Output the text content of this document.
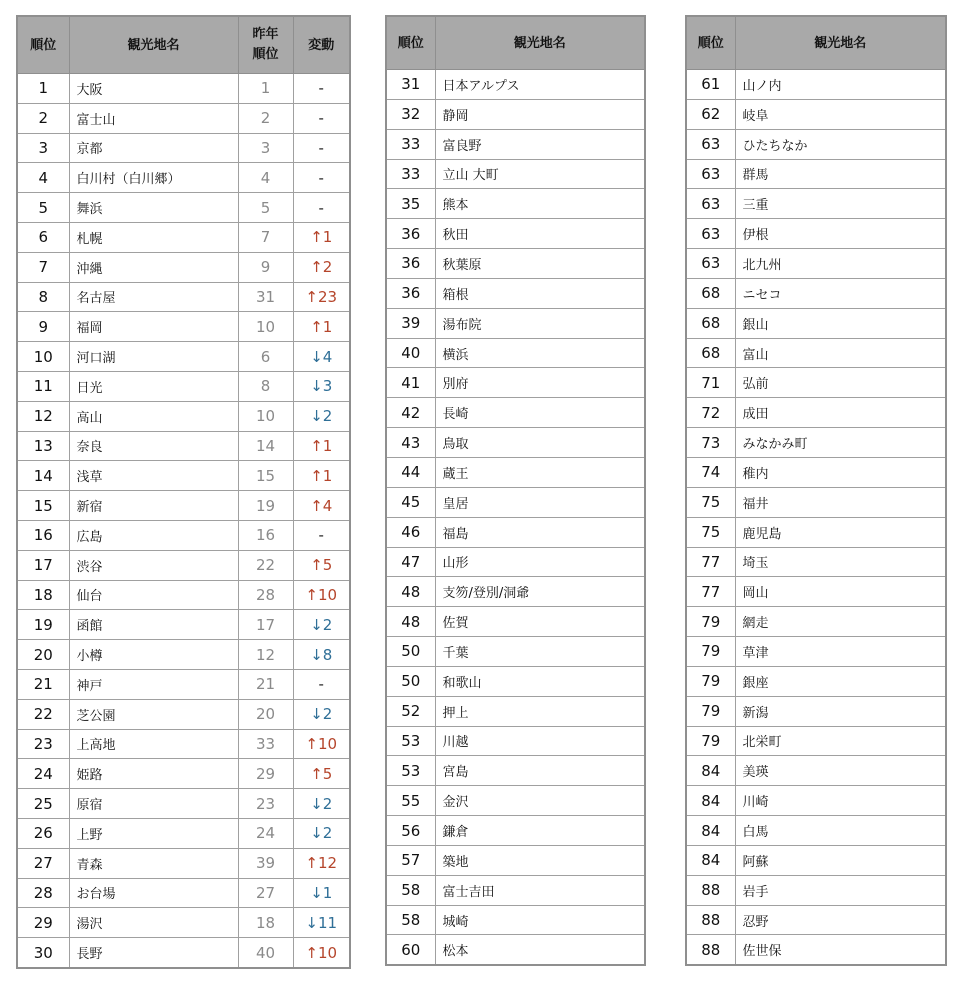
順位	観光地名	昨年順位	変動
1	大阪	1	-
2	富士山	2	-
3	京都	3	-
4	白川村（白川郷）	4	-
5	舞浜	5	-
6	札幌	7	↑1
7	沖縄	9	↑2
8	名古屋	31	↑23
9	福岡	10	↑1
10	河口湖	6	↓4
11	日光	8	↓3
12	高山	10	↓2
13	奈良	14	↑1
14	浅草	15	↑1
15	新宿	19	↑4
16	広島	16	-
17	渋谷	22	↑5
18	仙台	28	↑10
19	函館	17	↓2
20	小樽	12	↓8
21	神戸	21	-
22	芝公園	20	↓2
23	上高地	33	↑10
24	姫路	29	↑5
25	原宿	23	↓2
26	上野	24	↓2
27	青森	39	↑12
28	お台場	27	↓1
29	湯沢	18	↓11
30	長野	40	↑10
順位	観光地名
31	日本アルプス
32	静岡
33	富良野
33	立山 大町
35	熊本
36	秋田
36	秋葉原
36	箱根
39	湯布院
40	横浜
41	別府
42	長崎
43	鳥取
44	蔵王
45	皇居
46	福島
47	山形
48	支笏/登別/洞爺
48	佐賀
50	千葉
50	和歌山
52	押上
53	川越
53	宮島
55	金沢
56	鎌倉
57	築地
58	富士吉田
58	城崎
60	松本
順位	観光地名
61	山ノ内
62	岐阜
63	ひたちなか
63	群馬
63	三重
63	伊根
63	北九州
68	ニセコ
68	銀山
68	富山
71	弘前
72	成田
73	みなかみ町
74	稚内
75	福井
75	鹿児島
77	埼玉
77	岡山
79	網走
79	草津
79	銀座
79	新潟
79	北栄町
84	美瑛
84	川崎
84	白馬
84	阿蘇
88	岩手
88	忍野
88	佐世保
